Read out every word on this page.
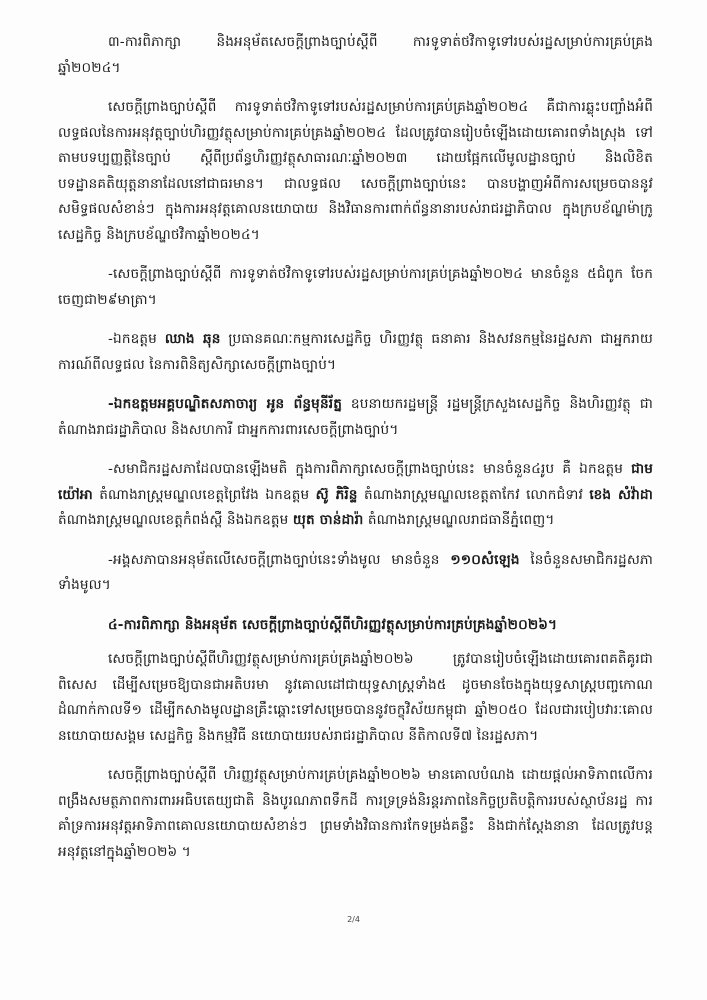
៣-ការពិភាក្សា និងអនុម័តសេចក្តីព្រាងច្បាប់ស្តីពី ការទូទាត់ថវិកាទូទៅរបស់រដ្ឋសម្រាប់ការគ្រប់គ្រងឆ្នាំ២០២៤។

សេចក្តីព្រាងច្បាប់ស្តីពី ការទូទាត់ថវិកាទូទៅរបស់រដ្ឋសម្រាប់ការគ្រប់គ្រងឆ្នាំ២០២៤ គឺជាការឆ្លុះបញ្ចាំងអំពីលទ្ធផលនៃការអនុវត្តច្បាប់ហិរញ្ញវត្ថុសម្រាប់ការគ្រប់គ្រងឆ្នាំ២០២៤ ដែលត្រូវបានរៀបចំឡើងដោយគោរពទាំងស្រុង ទៅតាមបទប្បញ្ញត្តិនៃច្បាប់ ស្តីពីប្រព័ន្ធហិរញ្ញវត្ថុសាធារណៈឆ្នាំ២០២៣ ដោយផ្អែកលើមូលដ្ឋានច្បាប់ និងលិខិតបទដ្ឋានគតិយុត្តនានាដែលនៅជាធរមាន។ ជាលទ្ធផល សេចក្តីព្រាងច្បាប់នេះ បានបង្ហាញអំពីការសម្រេចបាននូវសមិទ្ធផលសំខាន់ៗ ក្នុងការអនុវត្តគោលនយោបាយ និងវិធានការពាក់ព័ន្ធនានារបស់រាជរដ្ឋាភិបាល ក្នុងក្របខ័ណ្ឌម៉ាក្រូសេដ្ឋកិច្ច និងក្របខ័ណ្ឌថវិកាឆ្នាំ២០២៤។

-សេចក្តីព្រាងច្បាប់ស្តីពី ការទូទាត់ថវិកាទូទៅរបស់រដ្ឋសម្រាប់ការគ្រប់គ្រងឆ្នាំ២០២៤ មានចំនួន ៥ជំពូក ចែកចេញជា២៩មាត្រា។

-ឯកឧត្តម ឈាង ឆុន ប្រធានគណៈកម្មការសេដ្ឋកិច្ច ហិរញ្ញវត្ថុ ធនាគារ និងសវនកម្មនៃរដ្ឋសភា ជាអ្នករាយការណ៍ពីលទ្ធផល នៃការពិនិត្យសិក្សាសេចក្តីព្រាងច្បាប់។

-ឯកឧត្តមអគ្គបណ្ឌិតសភាចារ្យ អូន ព័ន្ធមុនីរ័ត្ន ឧបនាយករដ្ឋមន្ត្រី រដ្ឋមន្ត្រីក្រសួងសេដ្ឋកិច្ច និងហិរញ្ញវត្ថុ ជាតំណាងរាជរដ្ឋាភិបាល និងសហការី ជាអ្នកការពារសេចក្តីព្រាងច្បាប់។

-សមាជិករដ្ឋសភាដែលបានឡើងមតិ ក្នុងការពិភាក្សាសេចក្តីព្រាងច្បាប់នេះ មានចំនួន៤រូប គឺ ឯកឧត្តម ជាម យ៉ៅអា តំណាងរាស្ត្រមណ្ឌលខេត្តព្រៃវែង ឯកឧត្តម ស៊ូ ភិរិន្ទ តំណាងរាស្ត្រមណ្ឌលខេត្តតាកែវ លោកជំទាវ ខេង សំវ៉ាដា តំណាងរាស្ត្រមណ្ឌលខេត្តកំពង់ស្ពឺ និងឯកឧត្តម យុត ចាន់ដារ៉ា តំណាងរាស្ត្រមណ្ឌលរាជធានីភ្នំពេញ។

-អង្គសភាបានអនុម័តលើសេចក្តីព្រាងច្បាប់នេះទាំងមូល មានចំនួន ១១០សំឡេង នៃចំនួនសមាជិករដ្ឋសភាទាំងមូល។

៤-ការពិភាក្សា និងអនុម័ត សេចក្តីព្រាងច្បាប់ស្តីពីហិរញ្ញវត្ថុសម្រាប់ការគ្រប់គ្រងឆ្នាំ២០២៦។

សេចក្តីព្រាងច្បាប់ស្តីពីហិរញ្ញវត្ថុសម្រាប់ការគ្រប់គ្រងឆ្នាំ២០២៦ ត្រូវបានរៀបចំឡើងដោយគោរពគតិគូរជាពិសេស ដើម្បីសម្រេចឱ្យបានជាអតិបរមា នូវគោលដៅជាយុទ្ធសាស្ត្រទាំង៥ ដូចមានចែងក្នុងយុទ្ធសាស្ត្របញ្ចកោណដំណាក់កាលទី១ ដើម្បីកសាងមូលដ្ឋានគ្រឹះឆ្ពោះទៅសម្រេចបាននូវចក្ខុវិស័យកម្ពុជា ឆ្នាំ២០៥០ ដែលជារបៀបវារៈគោលនយោបាយសង្គម សេដ្ឋកិច្ច និងកម្មវិធី នយោបាយរបស់រាជរដ្ឋាភិបាល នីតិកាលទី៧ នៃរដ្ឋសភា។

សេចក្តីព្រាងច្បាប់ស្តីពី ហិរញ្ញវត្ថុសម្រាប់ការគ្រប់គ្រងឆ្នាំ២០២៦ មានគោលបំណង ដោយផ្តល់អាទិភាពលើការពង្រឹងសមត្ថភាពការពារអធិបតេយ្យជាតិ និងបូរណភាពទឹកដី ការទ្រទ្រង់និរន្តរភាពនៃកិច្ចប្រតិបត្តិការរបស់ស្ថាប័នរដ្ឋ ការគាំទ្រការអនុវត្តអាទិភាពគោលនយោបាយសំខាន់ៗ ព្រមទាំងវិធានការកែទម្រង់គន្លឹះ និងជាក់ស្តែងនានា ដែលត្រូវបន្តអនុវត្តនៅក្នុងឆ្នាំ២០២៦ ។

2/4
